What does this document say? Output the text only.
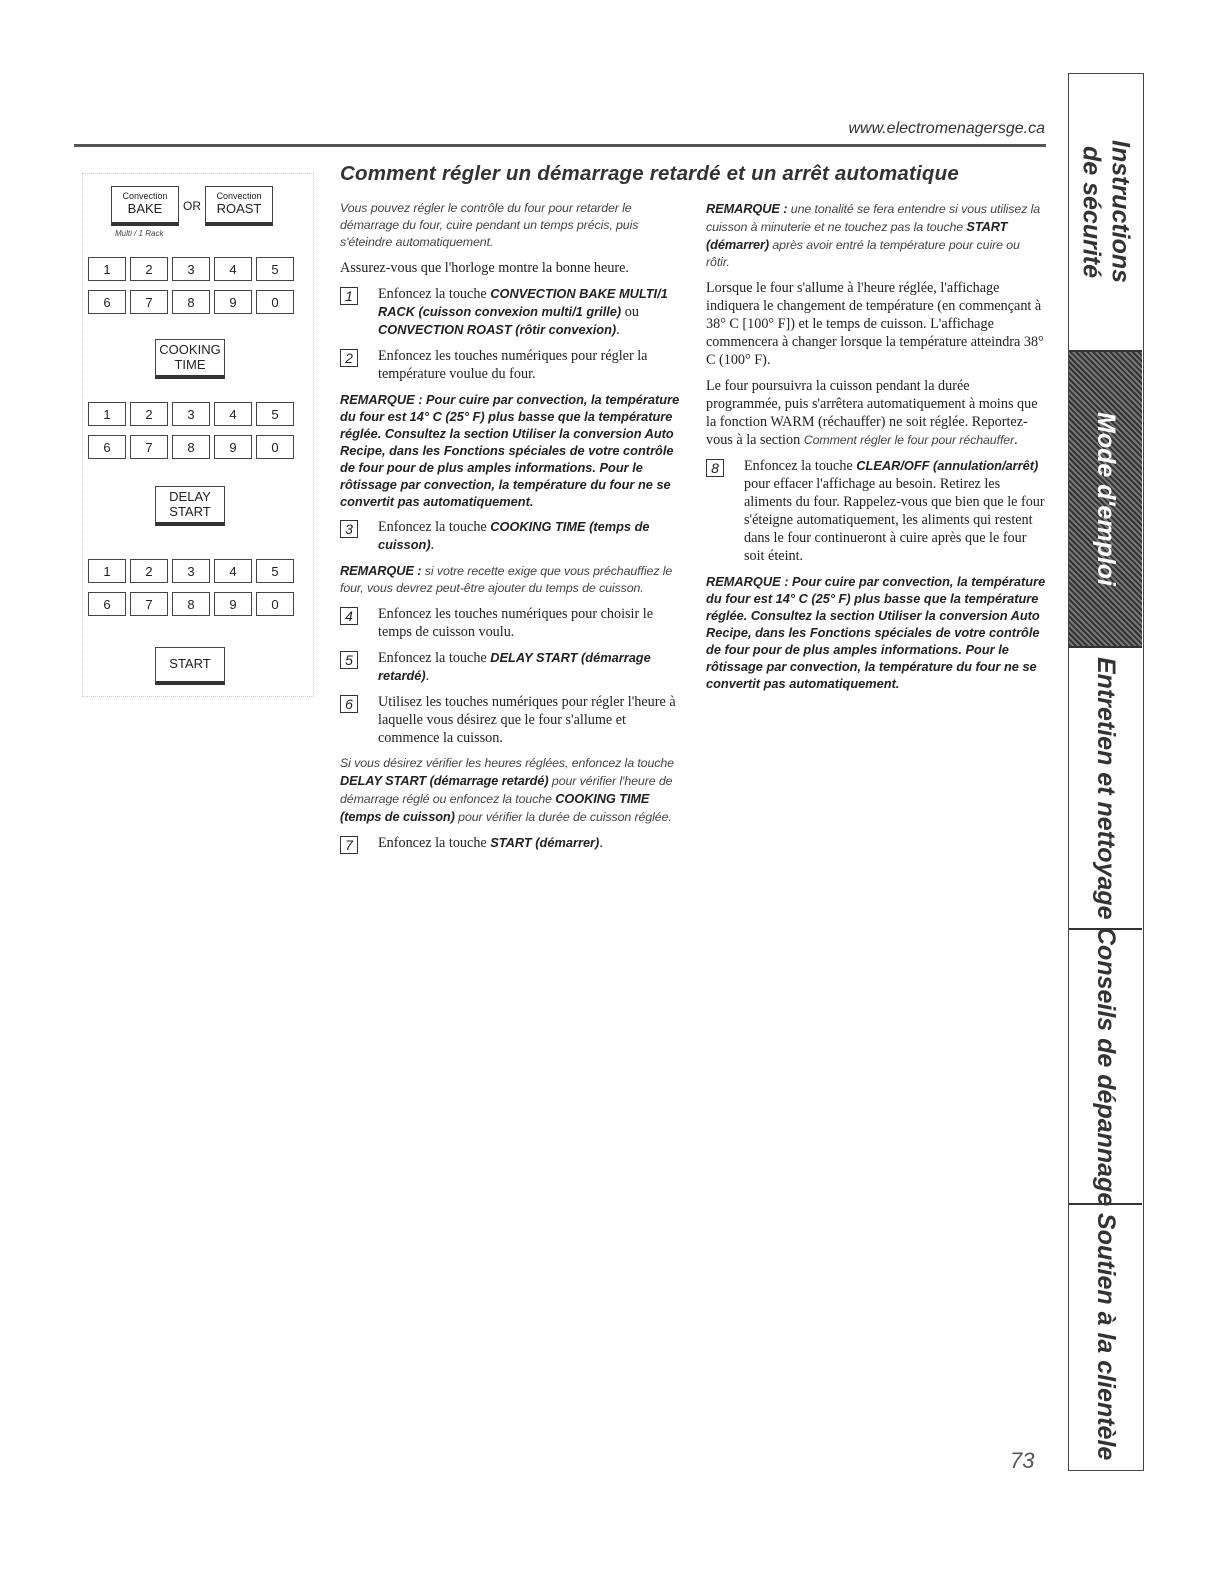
www.electromenagersge.ca
Comment régler un démarrage retardé et un arrêt automatique
Convection
BAKE
Multi / 1 Rack
OR
Convection
ROAST
1	2	3	4	5
6	7	8	9	0
COOKING
TIME
1	2	3	4	5
6	7	8	9	0
DELAY
START
1	2	3	4	5
6	7	8	9	0
START

Vous pouvez régler le contrôle du four pour retarder le démarrage du four, cuire pendant un temps précis, puis s'éteindre automatiquement.

Assurez-vous que l'horloge montre la bonne heure.

1	Enfoncez la touche CONVECTION BAKE MULTI/1 RACK (cuisson convexion multi/1 grille) ou CONVECTION ROAST (rôtir convexion).
2	Enfoncez les touches numériques pour régler la température voulue du four.

REMARQUE : Pour cuire par convection, la température du four est 14° C (25° F) plus basse que la température réglée. Consultez la section Utiliser la conversion Auto Recipe, dans les Fonctions spéciales de votre contrôle de four pour de plus amples informations. Pour le rôtissage par convection, la température du four ne se convertit pas automatiquement.

3	Enfoncez la touche COOKING TIME (temps de cuisson).

REMARQUE : si votre recette exige que vous préchauffiez le four, vous devrez peut-être ajouter du temps de cuisson.

4	Enfoncez les touches numériques pour choisir le temps de cuisson voulu.
5	Enfoncez la touche DELAY START (démarrage retardé).
6	Utilisez les touches numériques pour régler l'heure à laquelle vous désirez que le four s'allume et commence la cuisson.

Si vous désirez vérifier les heures réglées, enfoncez la touche DELAY START (démarrage retardé) pour vérifier l'heure de démarrage réglé ou enfoncez la touche COOKING TIME (temps de cuisson) pour vérifier la durée de cuisson réglée.

7	Enfoncez la touche START (démarrer).

REMARQUE : une tonalité se fera entendre si vous utilisez la cuisson à minuterie et ne touchez pas la touche START (démarrer) après avoir entré la température pour cuire ou rôtir.

Lorsque le four s'allume à l'heure réglée, l'affichage indiquera le changement de température (en commençant à 38° C [100° F]) et le temps de cuisson. L'affichage commencera à changer lorsque la température atteindra 38° C (100° F).

Le four poursuivra la cuisson pendant la durée programmée, puis s'arrêtera automatiquement à moins que la fonction WARM (réchauffer) ne soit réglée. Reportez-vous à la section Comment régler le four pour réchauffer.

8	Enfoncez la touche CLEAR/OFF (annulation/arrêt) pour effacer l'affichage au besoin. Retirez les aliments du four. Rappelez-vous que bien que le four s'éteigne automatiquement, les aliments qui restent dans le four continueront à cuire après que le four soit éteint.

REMARQUE : Pour cuire par convection, la température du four est 14° C (25° F) plus basse que la température réglée. Consultez la section Utiliser la conversion Auto Recipe, dans les Fonctions spéciales de votre contrôle de four pour de plus amples informations. Pour le rôtissage par convection, la température du four ne se convertit pas automatiquement.

Instructions
de sécurité
Mode d'emploi
Entretien et nettoyage
Conseils de dépannage
Soutien à la clientèle
73
